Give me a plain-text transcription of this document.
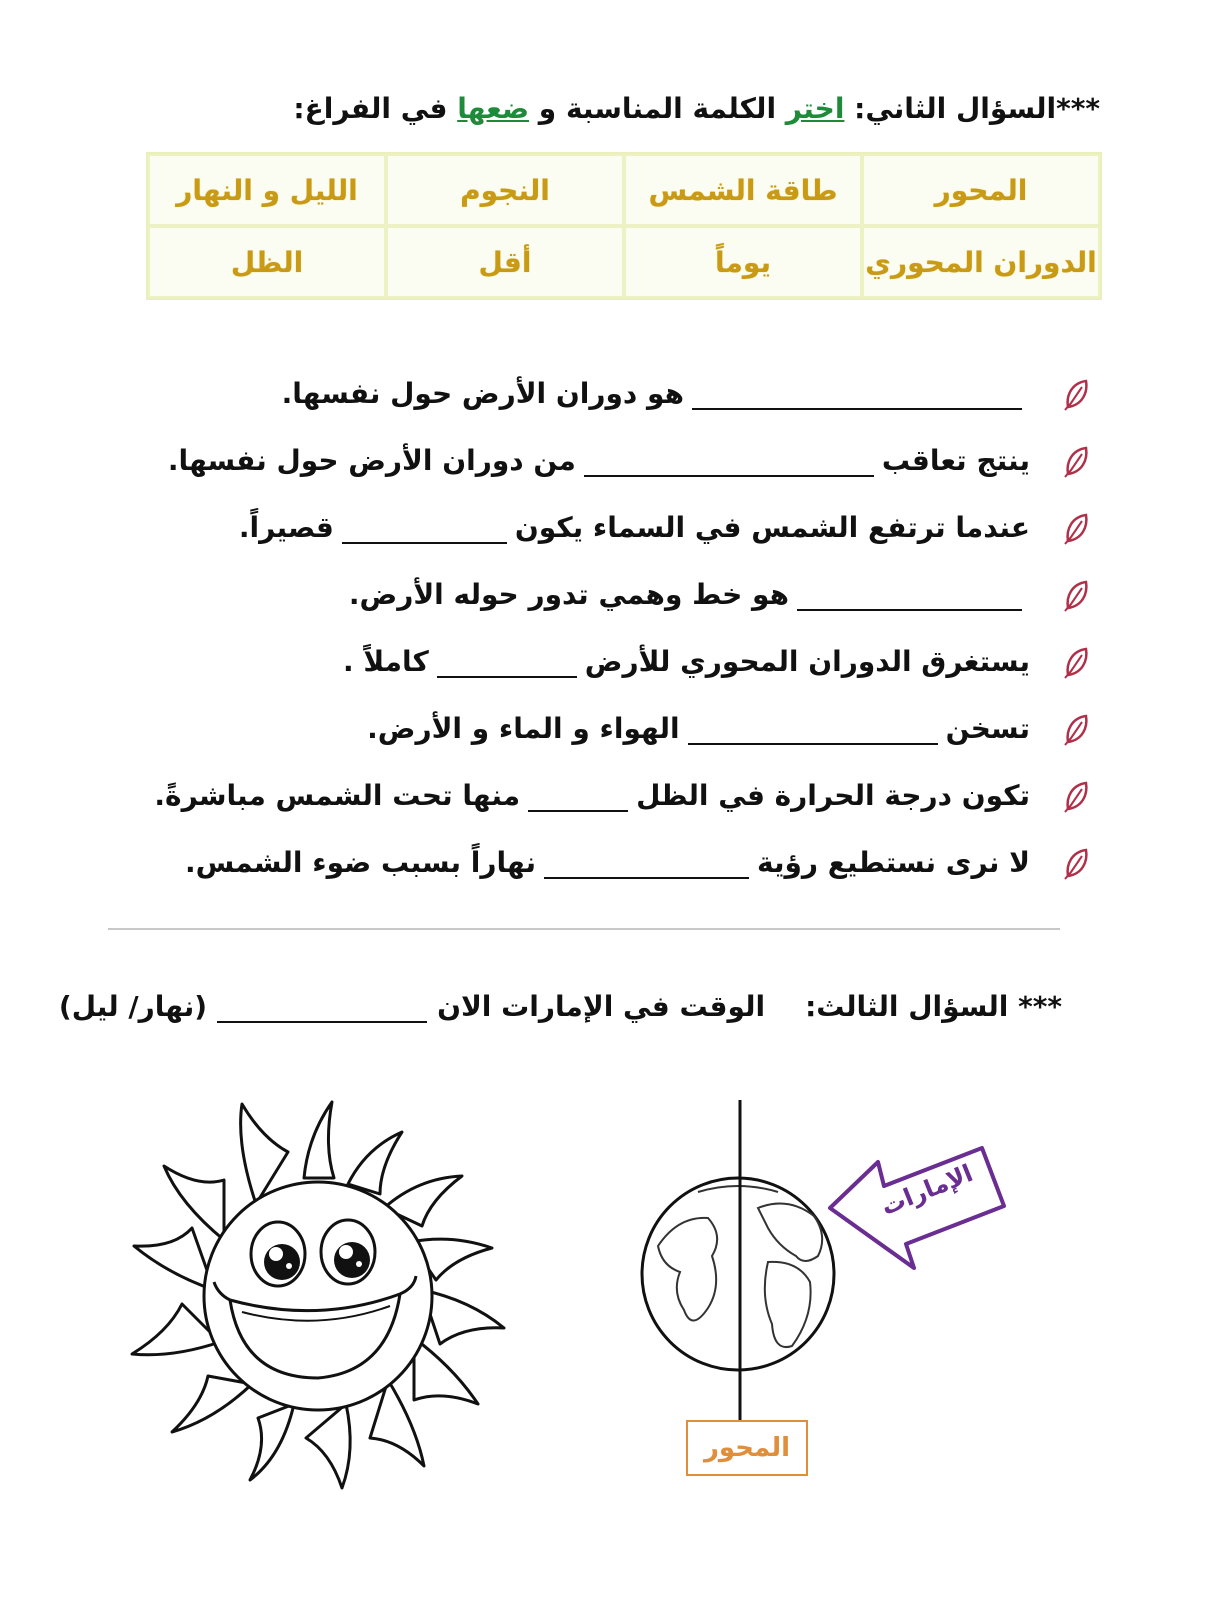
***السؤال الثاني: اختر الكلمة المناسبة و ضعها في الفراغ:
المحور
طاقة الشمس
النجوم
الليل و النهار
الدوران المحوري
يوماً
أقل
الظل
هو دوران الأرض حول نفسها.
ينتج تعاقب
من دوران الأرض حول نفسها.
عندما ترتفع الشمس في السماء يكون
قصيراً.
هو خط وهمي تدور حوله الأرض.
يستغرق الدوران المحوري للأرض
كاملاً .
تسخن
الهواء و الماء و الأرض.
تكون درجة الحرارة في الظل
منها تحت الشمس مباشرةً.
لا نرى نستطيع رؤية
نهاراً بسبب ضوء الشمس.
*** السؤال الثالث:
الوقت في الإمارات الان
(نهار/ ليل)
الإمارات
المحور
